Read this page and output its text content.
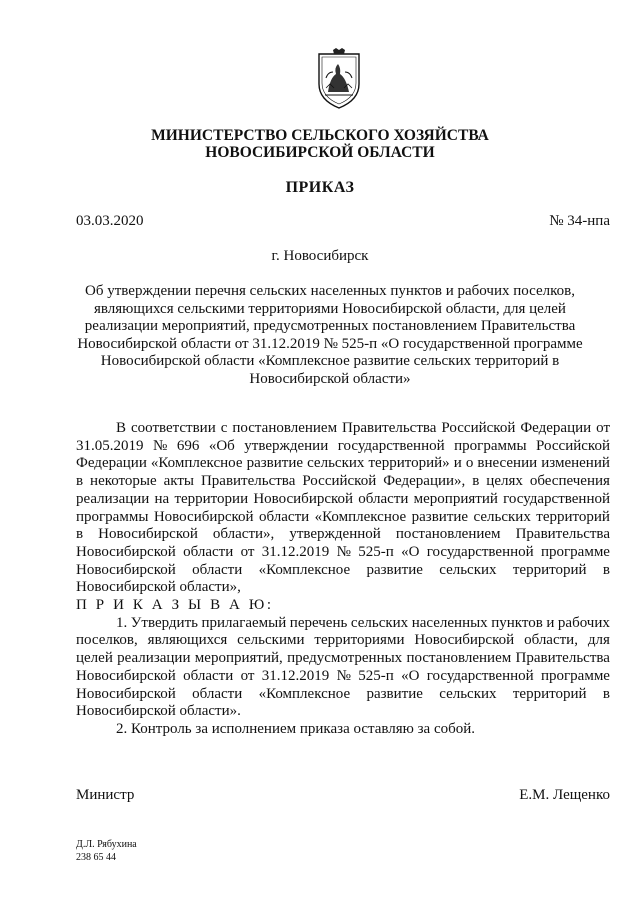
МИНИСТЕРСТВО СЕЛЬСКОГО ХОЗЯЙСТВА
НОВОСИБИРСКОЙ ОБЛАСТИ
ПРИКАЗ
03.03.2020	№ 34-нпа
г. Новосибирск
Об утверждении перечня сельских населенных пунктов и рабочих поселков,
являющихся сельскими территориями Новосибирской области, для целей
реализации мероприятий, предусмотренных постановлением Правительства
Новосибирской области от 31.12.2019 № 525-п «О государственной программе
Новосибирской области «Комплексное развитие сельских территорий в
Новосибирской области»
В соответствии с постановлением Правительства Российской Федерации от
31.05.2019 № 696 «Об утверждении государственной программы Российской
Федерации «Комплексное развитие сельских территорий» и о внесении изменений
в некоторые акты Правительства Российской Федерации», в целях обеспечения
реализации на территории Новосибирской области мероприятий государственной
программы Новосибирской области «Комплексное развитие сельских территорий
в Новосибирской области», утвержденной постановлением Правительства
Новосибирской области от 31.12.2019 № 525-п «О государственной программе
Новосибирской области «Комплексное развитие сельских территорий в
Новосибирской области»,
П Р И К А З Ы В А Ю:
1. Утвердить прилагаемый перечень сельских населенных пунктов и рабочих
поселков, являющихся сельскими территориями Новосибирской области, для
целей реализации мероприятий, предусмотренных постановлением Правительства
Новосибирской области от 31.12.2019 № 525-п «О государственной программе
Новосибирской области «Комплексное развитие сельских территорий в
Новосибирской области».
2. Контроль за исполнением приказа оставляю за собой.
Министр	Е.М. Лещенко
Д.Л. Рябухина
238 65 44
